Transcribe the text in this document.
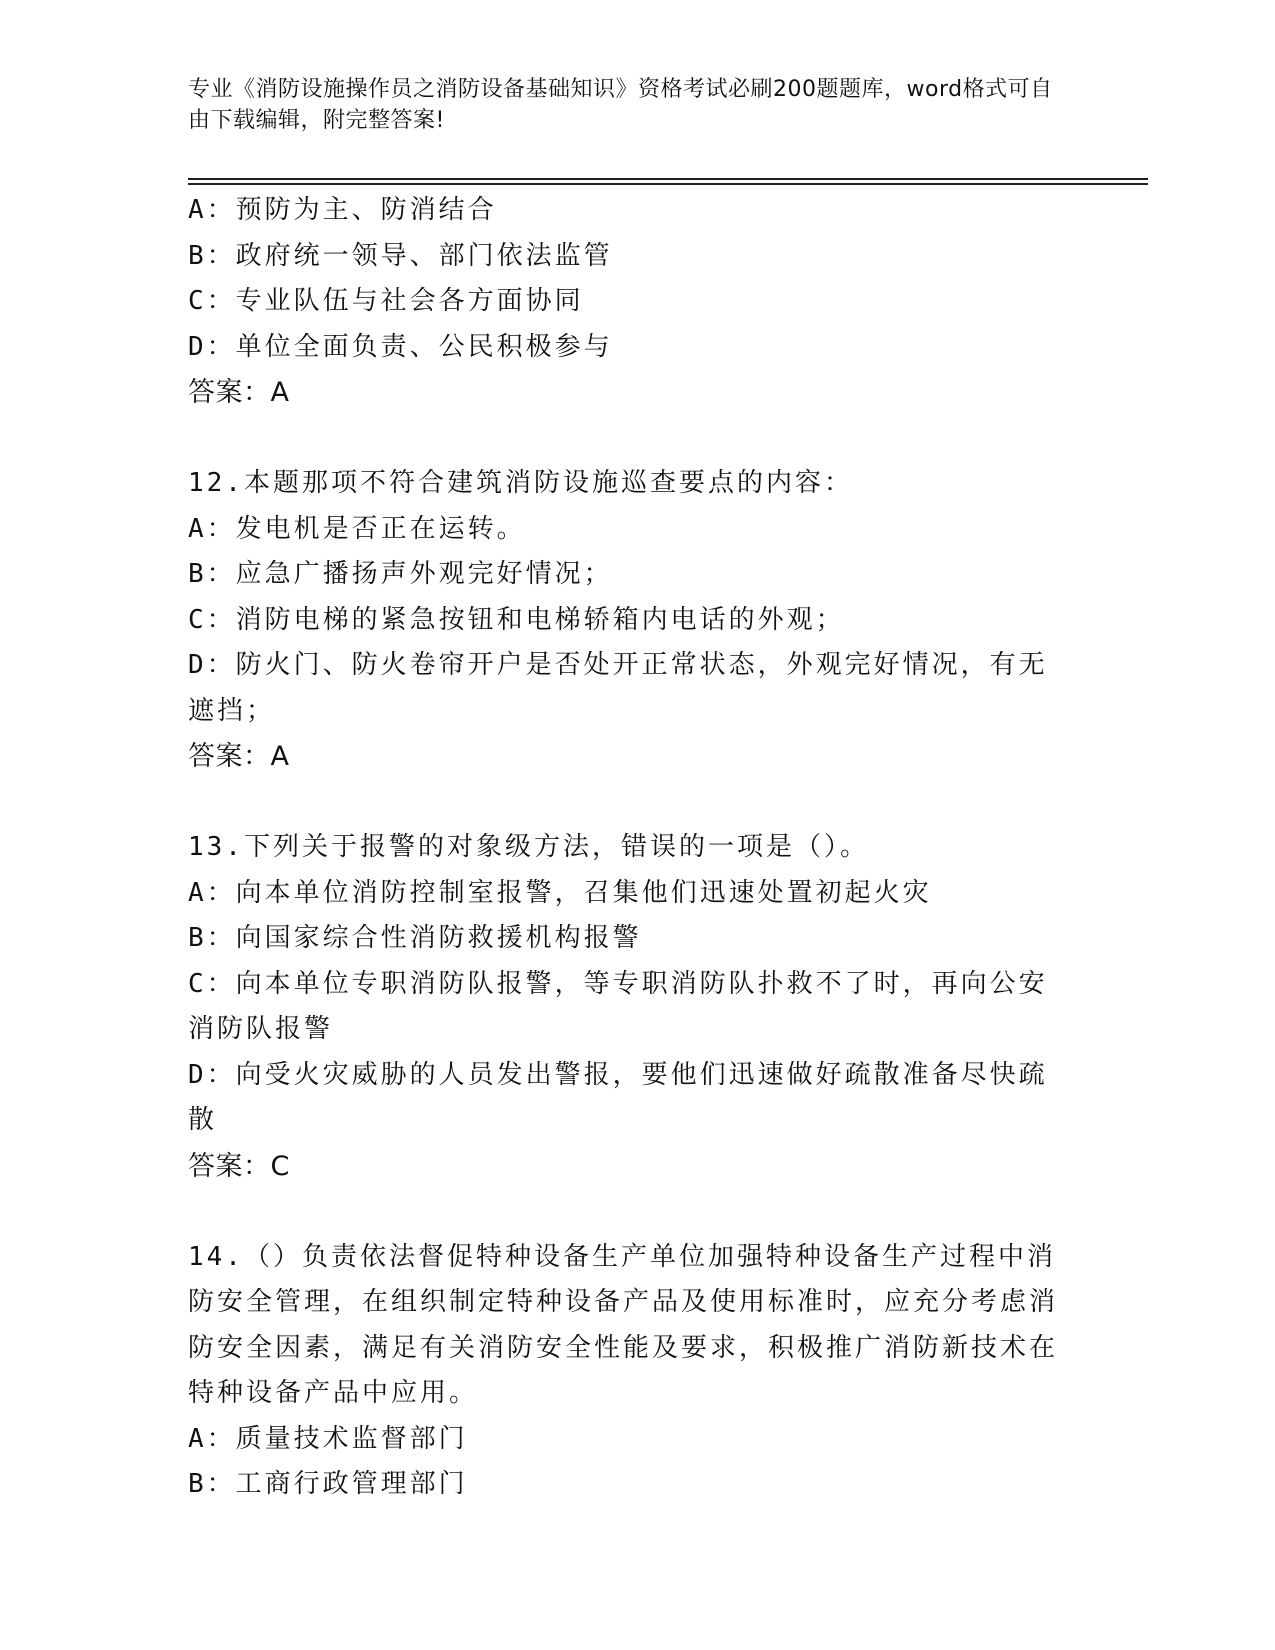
专业《消防设施操作员之消防设备基础知识》资格考试必刷200题题库，word格式可自由下载编辑，附完整答案!
A：预防为主、防消结合
B：政府统一领导、部门依法监管
C：专业队伍与社会各方面协同
D：单位全面负责、公民积极参与
答案：A
12.本题那项不符合建筑消防设施巡查要点的内容：
A：发电机是否正在运转。
B：应急广播扬声外观完好情况；
C：消防电梯的紧急按钮和电梯轿箱内电话的外观；
D：防火门、防火卷帘开户是否处开正常状态，外观完好情况，有无遮挡；
答案：A
13.下列关于报警的对象级方法，错误的一项是（）。
A：向本单位消防控制室报警，召集他们迅速处置初起火灾
B：向国家综合性消防救援机构报警
C：向本单位专职消防队报警，等专职消防队扑救不了时，再向公安消防队报警
D：向受火灾威胁的人员发出警报，要他们迅速做好疏散准备尽快疏散
答案：C
14.（）负责依法督促特种设备生产单位加强特种设备生产过程中消防安全管理，在组织制定特种设备产品及使用标准时，应充分考虑消防安全因素，满足有关消防安全性能及要求，积极推广消防新技术在特种设备产品中应用。
A：质量技术监督部门
B：工商行政管理部门
